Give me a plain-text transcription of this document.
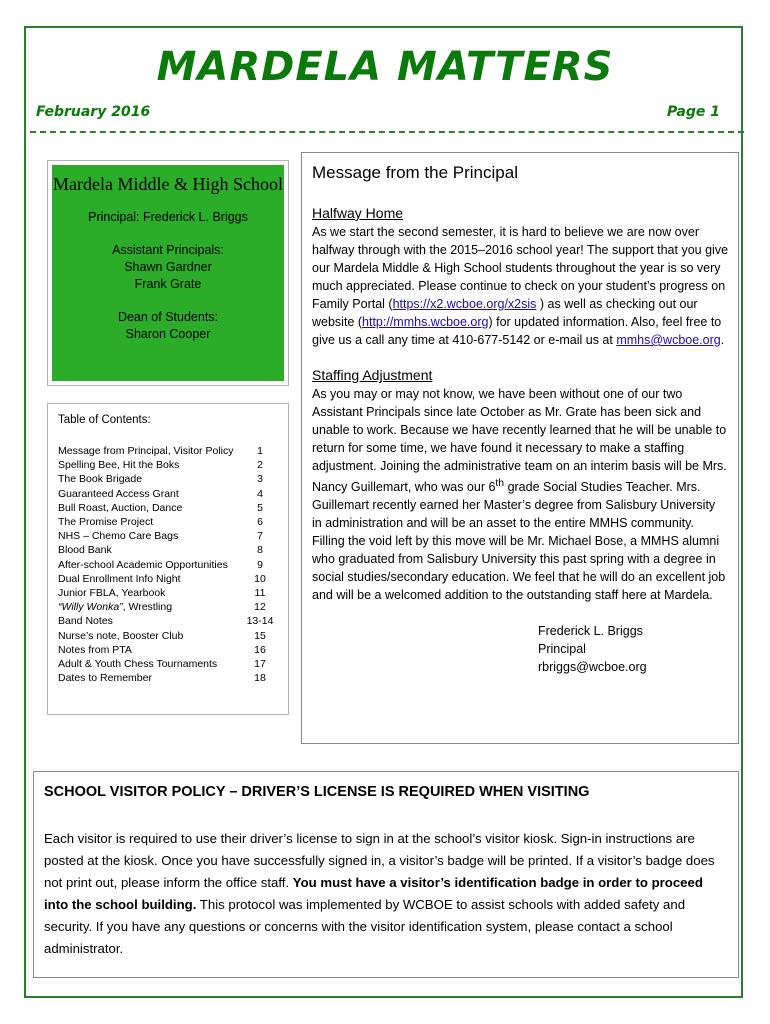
MARDELA MATTERS
February 2016	Page 1
Mardela Middle & High School
Principal: Frederick L. Briggs
Assistant Principals:
Shawn Gardner
Frank Grate
Dean of Students:
Sharon Cooper
Table of Contents:
Message from Principal, Visitor Policy	1
Spelling Bee, Hit the Boks	2
The Book Brigade	3
Guaranteed Access Grant	4
Bull Roast, Auction, Dance	5
The Promise Project	6
NHS – Chemo Care Bags	7
Blood Bank	8
After-school Academic Opportunities	9
Dual Enrollment Info Night	10
Junior FBLA, Yearbook	11
“Willy Wonka”, Wrestling	12
Band Notes	13-14
Nurse’s note, Booster Club	15
Notes from PTA	16
Adult & Youth Chess Tournaments	17
Dates to Remember	18
Message from the Principal
Halfway Home

As we start the second semester, it is hard to believe we are now over halfway through with the 2015–2016 school year! The support that you give our Mardela Middle & High School students throughout the year is so very much appreciated. Please continue to check on your student’s progress on Family Portal (https://x2.wcboe.org/x2sis ) as well as checking out our website (http://mmhs.wcboe.org) for updated information. Also, feel free to give us a call any time at 410-677-5142 or e-mail us at mmhs@wcboe.org.

Staffing Adjustment

As you may or may not know, we have been without one of our two Assistant Principals since late October as Mr. Grate has been sick and unable to work. Because we have recently learned that he will be unable to return for some time, we have found it necessary to make a staffing adjustment. Joining the administrative team on an interim basis will be Mrs. Nancy Guillemart, who was our 6th grade Social Studies Teacher. Mrs. Guillemart recently earned her Master’s degree from Salisbury University in administration and will be an asset to the entire MMHS community. Filling the void left by this move will be Mr. Michael Bose, a MMHS alumni who graduated from Salisbury University this past spring with a degree in social studies/secondary education. We feel that he will do an excellent job and will be a welcomed addition to the outstanding staff here at Mardela.

Frederick L. Briggs
Principal
rbriggs@wcboe.org
SCHOOL VISITOR POLICY – DRIVER’S LICENSE IS REQUIRED WHEN VISITING

Each visitor is required to use their driver’s license to sign in at the school’s visitor kiosk. Sign-in instructions are posted at the kiosk. Once you have successfully signed in, a visitor’s badge will be printed. If a visitor’s badge does not print out, please inform the office staff. You must have a visitor’s identification badge in order to proceed into the school building. This protocol was implemented by WCBOE to assist schools with added safety and security. If you have any questions or concerns with the visitor identification system, please contact a school administrator.
